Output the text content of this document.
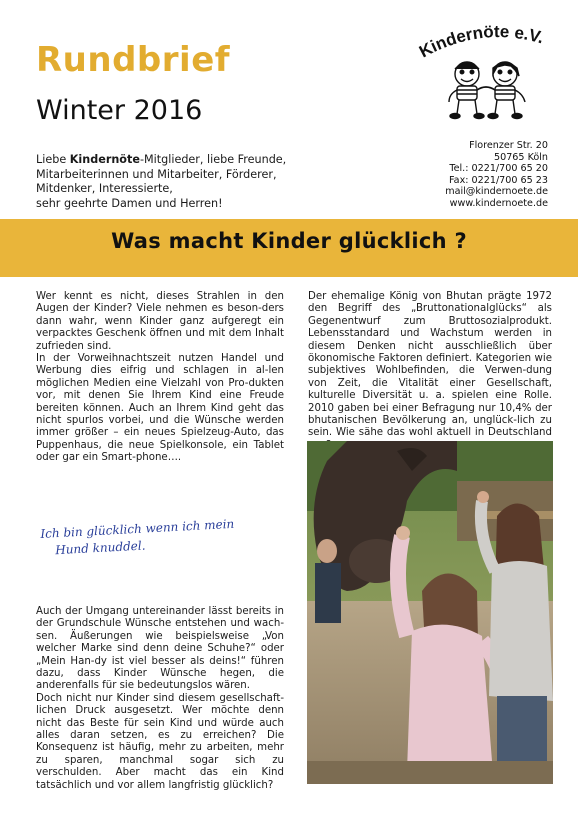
Rundbrief
Winter 2016
Liebe Kindernöte-Mitglieder, liebe Freunde,
Mitarbeiterinnen und Mitarbeiter, Förderer,
Mitdenker, Interessierte,
sehr geehrte Damen und Herren!
Kindernöte e.V.
Florenzer Str. 20
50765 Köln
Tel.: 0221/700 65 20
Fax: 0221/700 65 23
mail@kindernoete.de
www.kindernoete.de
Was macht Kinder glücklich ?

Wer kennt es nicht, dieses Strahlen in den Augen der Kinder? Viele nehmen es beson-ders dann wahr, wenn Kinder ganz aufgeregt ein verpacktes Geschenk öffnen und mit dem Inhalt zufrieden sind.

In der Vorweihnachtszeit nutzen Handel und Werbung dies eifrig und schlagen in al-len möglichen Medien eine Vielzahl von Pro-dukten vor, mit denen Sie Ihrem Kind eine Freude bereiten können. Auch an Ihrem Kind geht das nicht spurlos vorbei, und die Wünsche werden immer größer – ein neues Spielzeug-Auto, das Puppenhaus, die neue Spielkonsole, ein Tablet oder gar ein Smart-phone….

Ich bin glücklich wenn ich mein
Hund knuddel.

Auch der Umgang untereinander lässt bereits in der Grundschule Wünsche entstehen und wach-sen. Äußerungen wie beispielsweise „Von welcher Marke sind denn deine Schuhe?“ oder „Mein Han-dy ist viel besser als deins!“ führen dazu, dass Kinder Wünsche hegen, die anderenfalls für sie bedeutungslos wären.

Doch nicht nur Kinder sind diesem gesellschaft-lichen Druck ausgesetzt. Wer möchte denn nicht das Beste für sein Kind und würde auch alles daran setzen, es zu erreichen? Die Konsequenz ist häufig, mehr zu arbeiten, mehr zu sparen, manchmal sogar sich zu verschulden. Aber macht das ein Kind tatsächlich und vor allem langfristig glücklich?

Der ehemalige König von Bhutan prägte 1972 den Begriff des „Bruttonationalglücks“ als Gegenentwurf zum Bruttosozialprodukt. Lebensstandard und Wachstum werden in diesem Denken nicht ausschließlich über ökonomische Faktoren definiert. Kategorien wie subjektives Wohlbefinden, die Verwen-dung von Zeit, die Vitalität einer Gesellschaft, kulturelle Diversität u. a. spielen eine Rolle. 2010 gaben bei einer Befragung nur 10,4% der bhutanischen Bevölkerung an, unglück-lich zu sein. Wie sähe das wohl aktuell in Deutschland
